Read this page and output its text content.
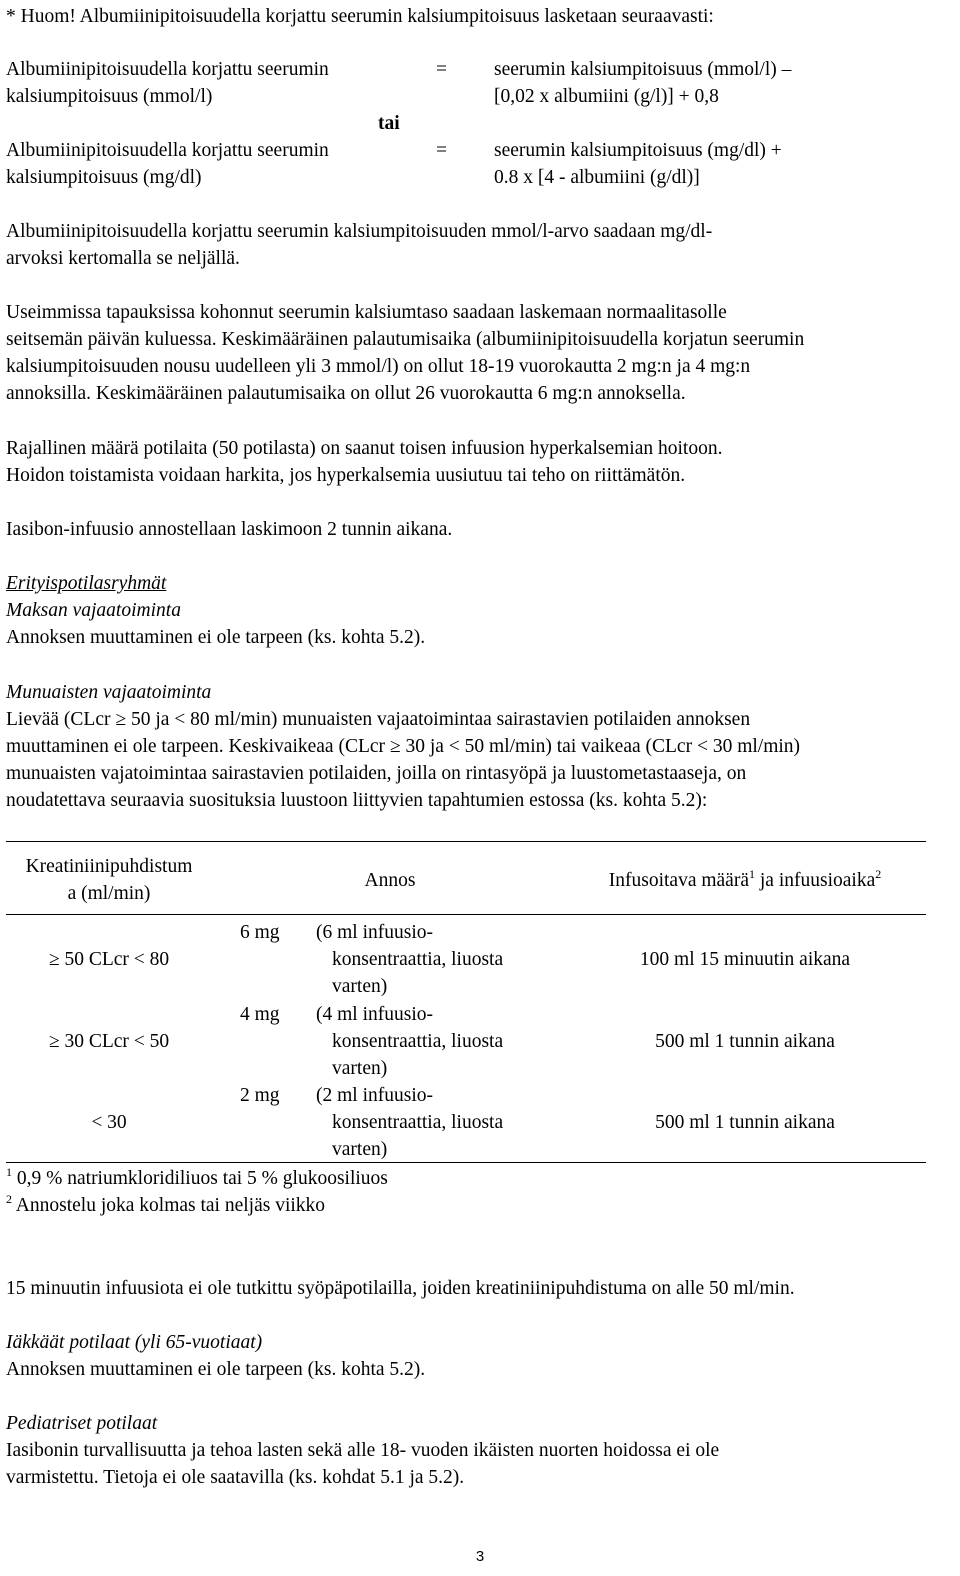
* Huom! Albumiinipitoisuudella korjattu seerumin kalsiumpitoisuus lasketaan seuraavasti:
Albumiinipitoisuudella korjattu seerumin
kalsiumpitoisuus (mmol/l)
= seerumin kalsiumpitoisuus (mmol/l) –
[0,02 x albumiini (g/l)] + 0,8
tai
Albumiinipitoisuudella korjattu seerumin
kalsiumpitoisuus (mg/dl)
= seerumin kalsiumpitoisuus (mg/dl) +
0.8 x [4 - albumiini (g/dl)]
Albumiinipitoisuudella korjattu seerumin kalsiumpitoisuuden mmol/l-arvo saadaan mg/dl-
arvoksi kertomalla se neljällä.
Useimmissa tapauksissa kohonnut seerumin kalsiumtaso saadaan laskemaan normaalitasolle
seitsemän päivän kuluessa. Keskimääräinen palautumisaika (albumiinipitoisuudella korjatun seerumin
kalsiumpitoisuuden nousu uudelleen yli 3 mmol/l) on ollut 18-19 vuorokautta 2 mg:n ja 4 mg:n
annoksilla. Keskimääräinen palautumisaika on ollut 26 vuorokautta 6 mg:n annoksella.
Rajallinen määrä potilaita (50 potilasta) on saanut toisen infuusion hyperkalsemian hoitoon.
Hoidon toistamista voidaan harkita, jos hyperkalsemia uusiutuu tai teho on riittämätön.
Iasibon-infuusio annostellaan laskimoon 2 tunnin aikana.
Erityispotilasryhmät
Maksan vajaatoiminta
Annoksen muuttaminen ei ole tarpeen (ks. kohta 5.2).
Munuaisten vajaatoiminta
Lievää (CLcr ≥ 50 ja < 80 ml/min) munuaisten vajaatoimintaa sairastavien potilaiden annoksen
muuttaminen ei ole tarpeen. Keskivaikeaa (CLcr ≥ 30 ja < 50 ml/min) tai vaikeaa (CLcr < 30 ml/min)
munuaisten vajatoimintaa sairastavien potilaiden, joilla on rintasyöpä ja luustometastaaseja, on
noudatettava seuraavia suosituksia luustoon liittyvien tapahtumien estossa (ks. kohta 5.2):
Kreatiniinipuhdistum
a (ml/min)
Annos	Infusoitava määrä$^1$ ja infuusioaika$^2$
≥ 50 CLcr < 80
6 mg (6 ml infuusio-
konsentraattia, liuosta
varten)
100 ml 15 minuutin aikana
≥ 30 CLcr < 50
4 mg (4 ml infuusio-
konsentraattia, liuosta
varten)
500 ml 1 tunnin aikana
< 30
2 mg (2 ml infuusio-
konsentraattia, liuosta
varten)
500 ml 1 tunnin aikana
$^1$ 0,9 % natriumkloridiliuos tai 5 % glukoosiliuos
$^2$ Annostelu joka kolmas tai neljäs viikko
15 minuutin infuusiota ei ole tutkittu syöpäpotilailla, joiden kreatiniinipuhdistuma on alle 50 ml/min.
Iäkkäät potilaat (yli 65-vuotiaat)
Annoksen muuttaminen ei ole tarpeen (ks. kohta 5.2).
Pediatriset potilaat
Iasibonin turvallisuutta ja tehoa lasten sekä alle 18- vuoden ikäisten nuorten hoidossa ei ole
varmistettu. Tietoja ei ole saatavilla (ks. kohdat 5.1 ja 5.2).
3
